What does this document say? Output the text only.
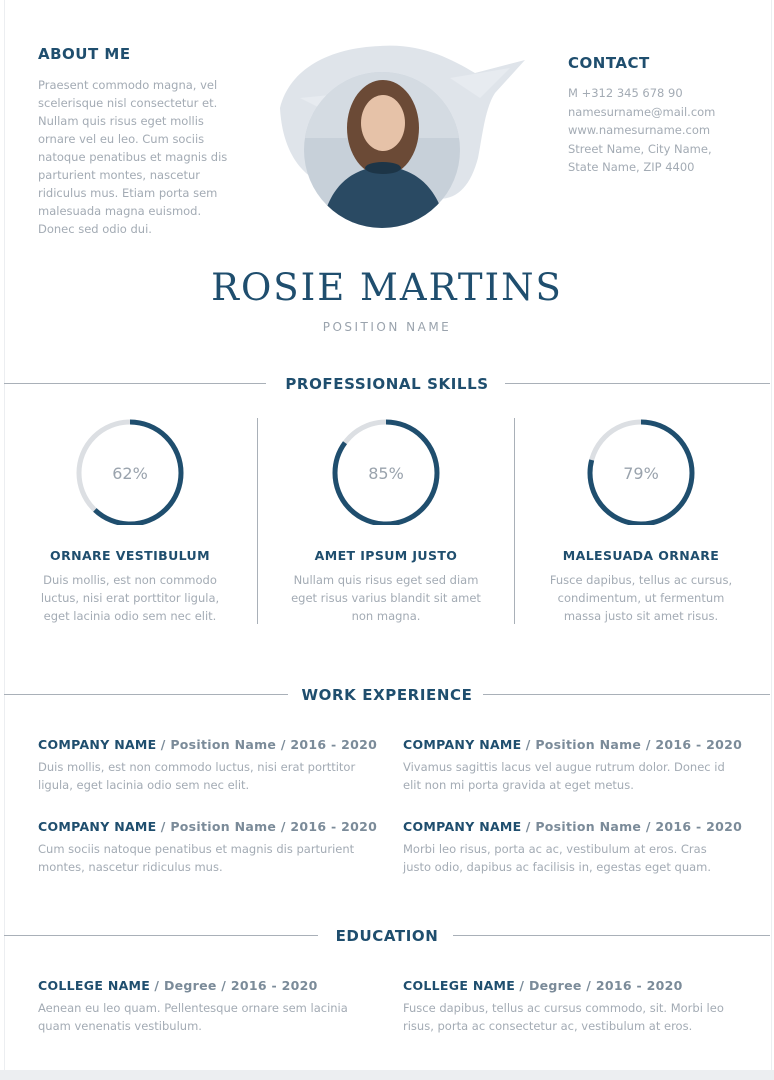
ABOUT ME
Praesent commodo magna, vel scelerisque nisl consectetur et. Nullam quis risus eget mollis ornare vel eu leo. Cum sociis natoque penatibus et magnis dis parturient montes, nascetur ridiculus mus. Etiam porta sem malesuada magna euismod. Donec sed odio dui.
CONTACT
M +312 345 678 90
namesurname@mail.com
www.namesurname.com
Street Name, City Name,
State Name, ZIP 4400
ROSIE MARTINS
POSITION NAME
PROFESSIONAL SKILLS
62%
ORNARE VESTIBULUM
Duis mollis, est non commodo luctus, nisi erat porttitor ligula, eget lacinia odio sem nec elit.
85%
AMET IPSUM JUSTO
Nullam quis risus eget sed diam eget risus varius blandit sit amet non magna.
79%
MALESUADA ORNARE
Fusce dapibus, tellus ac cursus, condimentum, ut fermentum massa justo sit amet risus.
WORK EXPERIENCE
COMPANY NAME / Position Name / 2016 - 2020
Duis mollis, est non commodo luctus, nisi erat porttitor ligula, eget lacinia odio sem nec elit.
COMPANY NAME / Position Name / 2016 - 2020
Vivamus sagittis lacus vel augue rutrum dolor. Donec id elit non mi porta gravida at eget metus.
COMPANY NAME / Position Name / 2016 - 2020
Cum sociis natoque penatibus et magnis dis parturient montes, nascetur ridiculus mus.
COMPANY NAME / Position Name / 2016 - 2020
Morbi leo risus, porta ac ac, vestibulum at eros. Cras justo odio, dapibus ac facilisis in, egestas eget quam.
EDUCATION
COLLEGE NAME / Degree / 2016 - 2020
Aenean eu leo quam. Pellentesque ornare sem lacinia quam venenatis vestibulum.
COLLEGE NAME / Degree / 2016 - 2020
Fusce dapibus, tellus ac cursus commodo, sit. Morbi leo risus, porta ac consectetur ac, vestibulum at eros.
